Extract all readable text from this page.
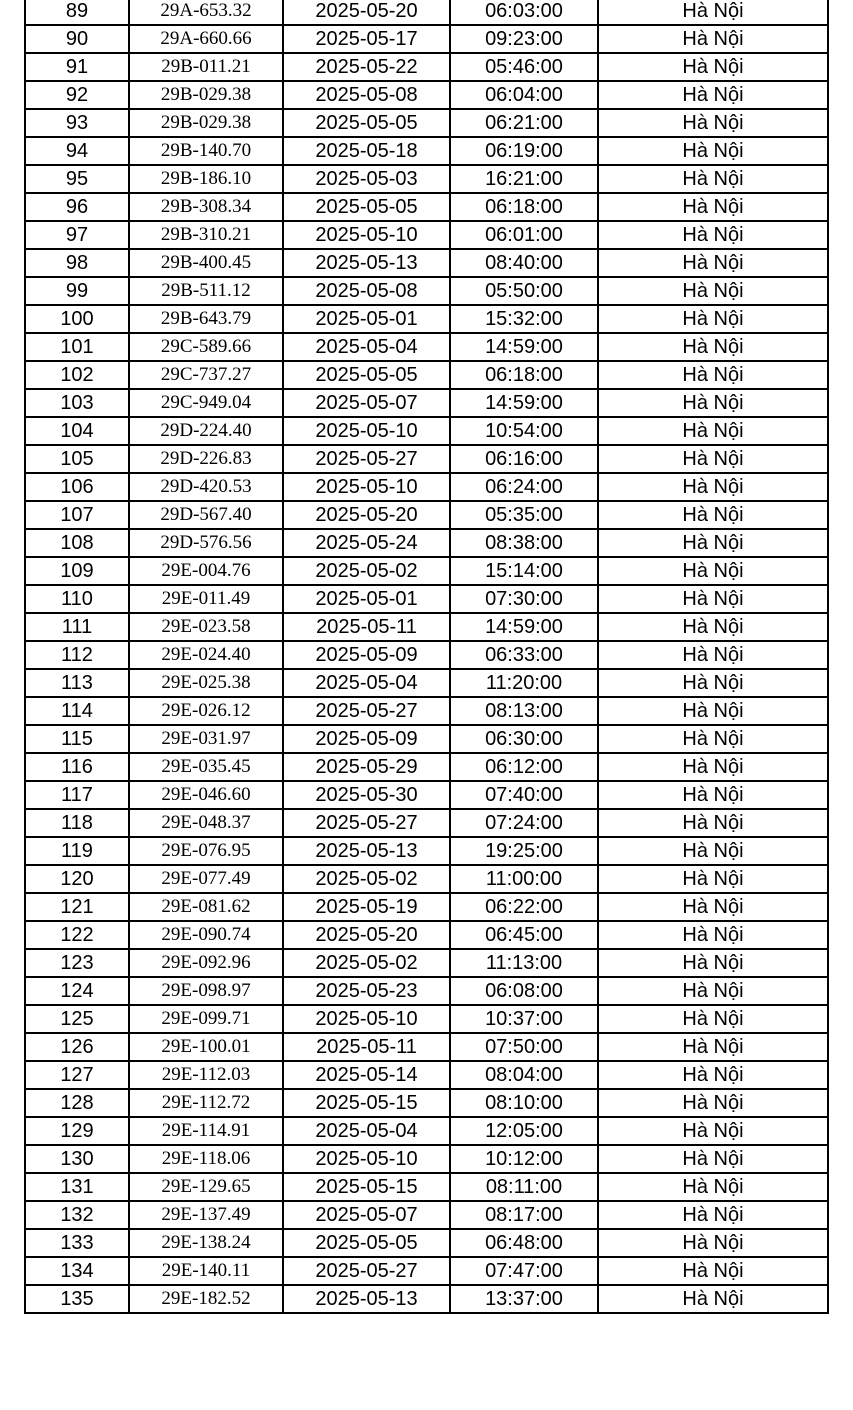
89	29A-653.32	2025-05-20	06:03:00	Hà Nội
90	29A-660.66	2025-05-17	09:23:00	Hà Nội
91	29B-011.21	2025-05-22	05:46:00	Hà Nội
92	29B-029.38	2025-05-08	06:04:00	Hà Nội
93	29B-029.38	2025-05-05	06:21:00	Hà Nội
94	29B-140.70	2025-05-18	06:19:00	Hà Nội
95	29B-186.10	2025-05-03	16:21:00	Hà Nội
96	29B-308.34	2025-05-05	06:18:00	Hà Nội
97	29B-310.21	2025-05-10	06:01:00	Hà Nội
98	29B-400.45	2025-05-13	08:40:00	Hà Nội
99	29B-511.12	2025-05-08	05:50:00	Hà Nội
100	29B-643.79	2025-05-01	15:32:00	Hà Nội
101	29C-589.66	2025-05-04	14:59:00	Hà Nội
102	29C-737.27	2025-05-05	06:18:00	Hà Nội
103	29C-949.04	2025-05-07	14:59:00	Hà Nội
104	29D-224.40	2025-05-10	10:54:00	Hà Nội
105	29D-226.83	2025-05-27	06:16:00	Hà Nội
106	29D-420.53	2025-05-10	06:24:00	Hà Nội
107	29D-567.40	2025-05-20	05:35:00	Hà Nội
108	29D-576.56	2025-05-24	08:38:00	Hà Nội
109	29E-004.76	2025-05-02	15:14:00	Hà Nội
110	29E-011.49	2025-05-01	07:30:00	Hà Nội
111	29E-023.58	2025-05-11	14:59:00	Hà Nội
112	29E-024.40	2025-05-09	06:33:00	Hà Nội
113	29E-025.38	2025-05-04	11:20:00	Hà Nội
114	29E-026.12	2025-05-27	08:13:00	Hà Nội
115	29E-031.97	2025-05-09	06:30:00	Hà Nội
116	29E-035.45	2025-05-29	06:12:00	Hà Nội
117	29E-046.60	2025-05-30	07:40:00	Hà Nội
118	29E-048.37	2025-05-27	07:24:00	Hà Nội
119	29E-076.95	2025-05-13	19:25:00	Hà Nội
120	29E-077.49	2025-05-02	11:00:00	Hà Nội
121	29E-081.62	2025-05-19	06:22:00	Hà Nội
122	29E-090.74	2025-05-20	06:45:00	Hà Nội
123	29E-092.96	2025-05-02	11:13:00	Hà Nội
124	29E-098.97	2025-05-23	06:08:00	Hà Nội
125	29E-099.71	2025-05-10	10:37:00	Hà Nội
126	29E-100.01	2025-05-11	07:50:00	Hà Nội
127	29E-112.03	2025-05-14	08:04:00	Hà Nội
128	29E-112.72	2025-05-15	08:10:00	Hà Nội
129	29E-114.91	2025-05-04	12:05:00	Hà Nội
130	29E-118.06	2025-05-10	10:12:00	Hà Nội
131	29E-129.65	2025-05-15	08:11:00	Hà Nội
132	29E-137.49	2025-05-07	08:17:00	Hà Nội
133	29E-138.24	2025-05-05	06:48:00	Hà Nội
134	29E-140.11	2025-05-27	07:47:00	Hà Nội
135	29E-182.52	2025-05-13	13:37:00	Hà Nội
